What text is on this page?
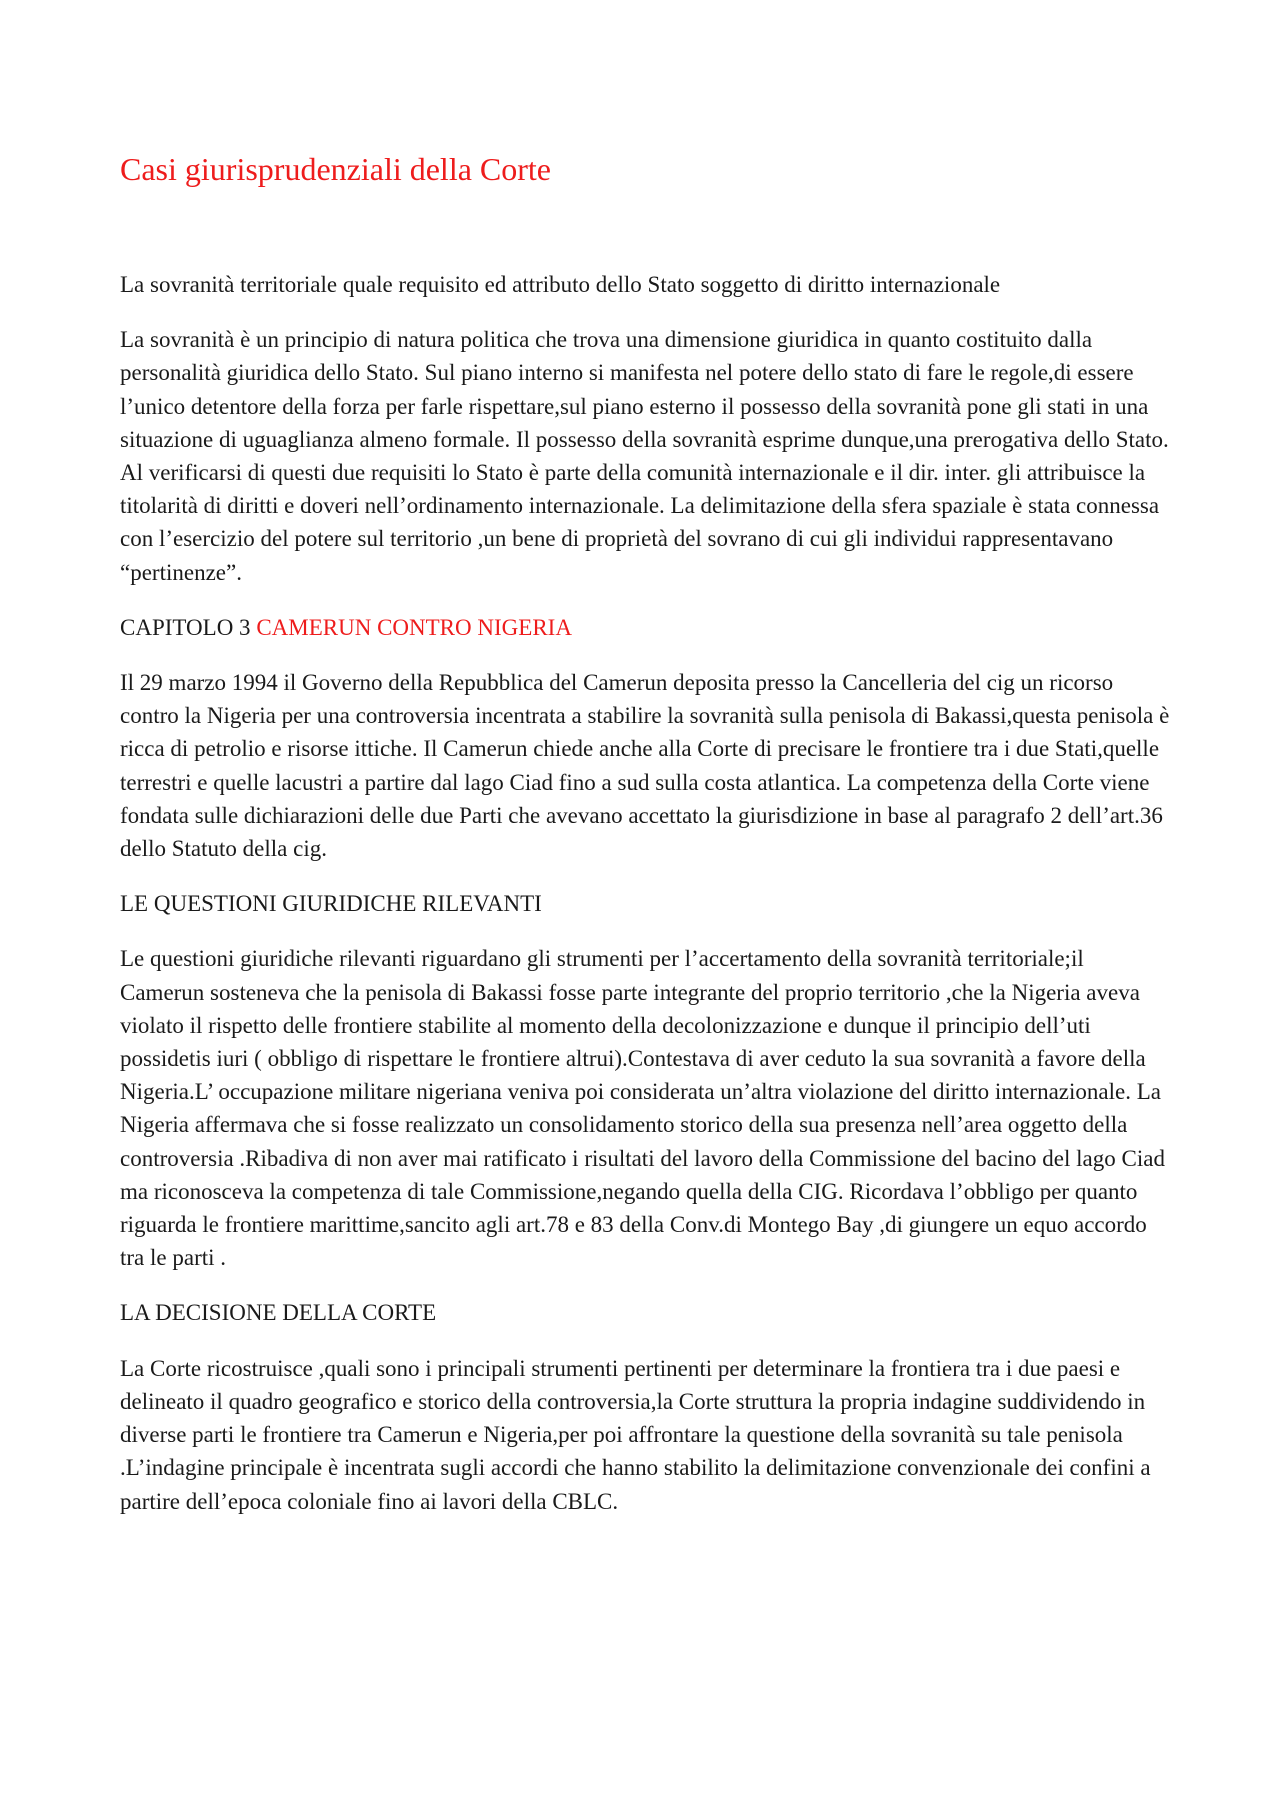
Casi giurisprudenziali della Corte

La sovranità territoriale quale requisito ed attributo dello Stato soggetto di diritto internazionale

La sovranità è un principio di natura politica che trova una dimensione giuridica in quanto costituito dalla personalità giuridica dello Stato. Sul piano interno si manifesta nel potere dello stato di fare le regole,di essere l’unico detentore della forza per farle rispettare,sul piano esterno il possesso della sovranità pone gli stati in una situazione di uguaglianza almeno formale. Il possesso della sovranità esprime dunque,una prerogativa dello Stato. Al verificarsi di questi due requisiti lo Stato è parte della comunità internazionale e il dir. inter. gli attribuisce la titolarità di diritti e doveri nell’ordinamento internazionale. La delimitazione della sfera spaziale è stata connessa con l’esercizio del potere sul territorio ,un bene di proprietà del sovrano di cui gli individui rappresentavano “pertinenze”.

CAPITOLO 3 CAMERUN CONTRO NIGERIA

Il 29 marzo 1994 il Governo della Repubblica del Camerun deposita presso la Cancelleria del cig un ricorso contro la Nigeria per una controversia incentrata a stabilire la sovranità sulla penisola di Bakassi,questa penisola è ricca di petrolio e risorse ittiche. Il Camerun chiede anche alla Corte di precisare le frontiere tra i due Stati,quelle terrestri e quelle lacustri a partire dal lago Ciad fino a sud sulla costa atlantica. La competenza della Corte viene fondata sulle dichiarazioni delle due Parti che avevano accettato la giurisdizione in base al paragrafo 2 dell’art.36 dello Statuto della cig.

LE QUESTIONI GIURIDICHE RILEVANTI

Le questioni giuridiche rilevanti riguardano gli strumenti per l’accertamento della sovranità territoriale;il Camerun sosteneva che la penisola di Bakassi fosse parte integrante del proprio territorio ,che la Nigeria aveva violato il rispetto delle frontiere stabilite al momento della decolonizzazione e dunque il principio dell’uti possidetis iuri ( obbligo di rispettare le frontiere altrui).Contestava di aver ceduto la sua sovranità a favore della Nigeria.L’ occupazione militare nigeriana veniva poi considerata un’altra violazione del diritto internazionale. La Nigeria affermava che si fosse realizzato un consolidamento storico della sua presenza nell’area oggetto della controversia .Ribadiva di non aver mai ratificato i risultati del lavoro della Commissione del bacino del lago Ciad ma riconosceva la competenza di tale Commissione,negando quella della CIG. Ricordava l’obbligo per quanto riguarda le frontiere marittime,sancito agli art.78 e 83 della Conv.di Montego Bay ,di giungere un equo accordo tra le parti .

LA DECISIONE DELLA CORTE

La Corte ricostruisce ,quali sono i principali strumenti pertinenti per determinare la frontiera tra i due paesi e delineato il quadro geografico e storico della controversia,la Corte struttura la propria indagine suddividendo in diverse parti le frontiere tra Camerun e Nigeria,per poi affrontare la questione della sovranità su tale penisola .L’indagine principale è incentrata sugli accordi che hanno stabilito la delimitazione convenzionale dei confini a partire dell’epoca coloniale fino ai lavori della CBLC.
